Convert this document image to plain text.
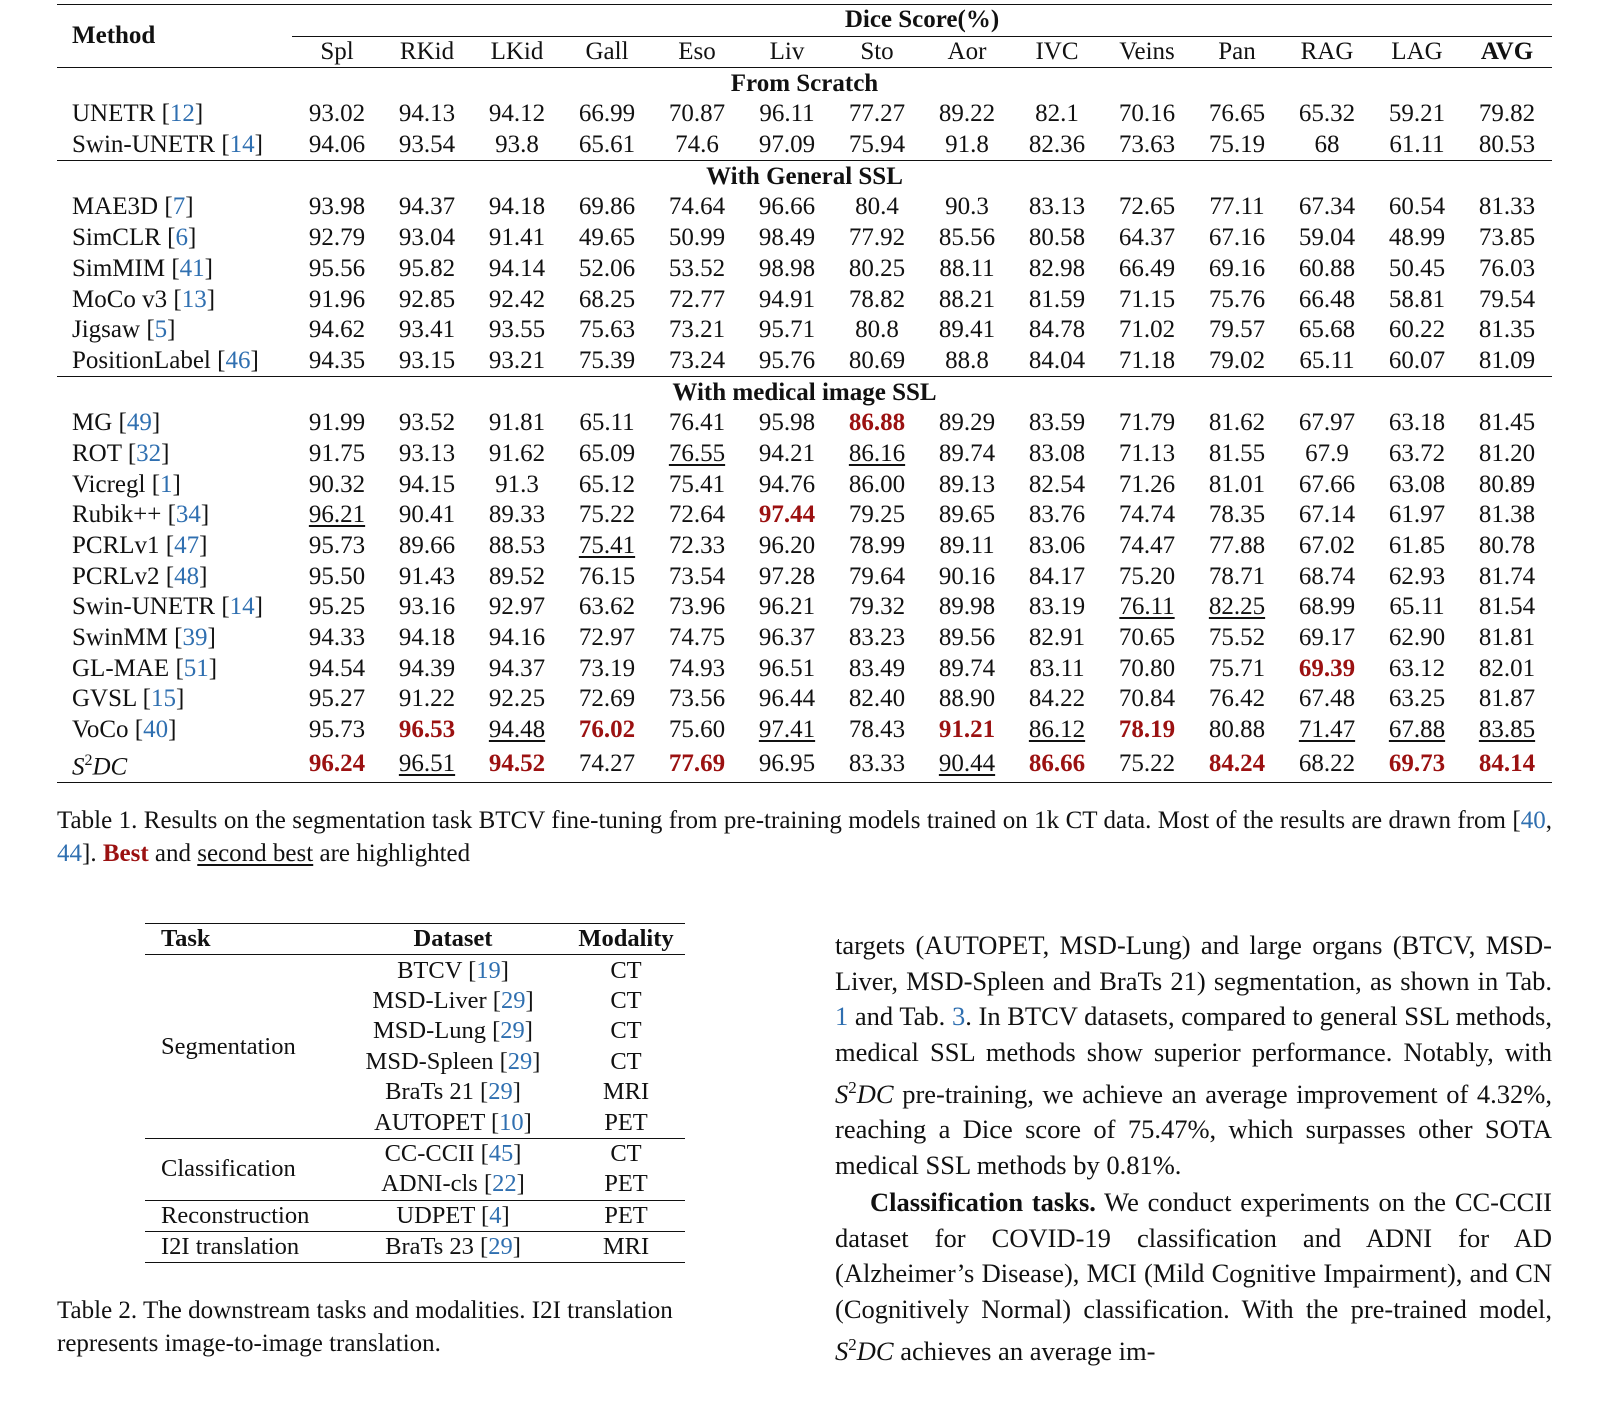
Method	Dice Score(%)													
	Spl	RKid	LKid	Gall	Eso	Liv	Sto	Aor	IVC	Veins	Pan	RAG	LAG	AVG
From Scratch														
UNETR [12]	93.02	94.13	94.12	66.99	70.87	96.11	77.27	89.22	82.1	70.16	76.65	65.32	59.21	79.82
Swin-UNETR [14]	94.06	93.54	93.8	65.61	74.6	97.09	75.94	91.8	82.36	73.63	75.19	68	61.11	80.53
With General SSL														
MAE3D [7]	93.98	94.37	94.18	69.86	74.64	96.66	80.4	90.3	83.13	72.65	77.11	67.34	60.54	81.33
SimCLR [6]	92.79	93.04	91.41	49.65	50.99	98.49	77.92	85.56	80.58	64.37	67.16	59.04	48.99	73.85
SimMIM [41]	95.56	95.82	94.14	52.06	53.52	98.98	80.25	88.11	82.98	66.49	69.16	60.88	50.45	76.03
MoCo v3 [13]	91.96	92.85	92.42	68.25	72.77	94.91	78.82	88.21	81.59	71.15	75.76	66.48	58.81	79.54
Jigsaw [5]	94.62	93.41	93.55	75.63	73.21	95.71	80.8	89.41	84.78	71.02	79.57	65.68	60.22	81.35
PositionLabel [46]	94.35	93.15	93.21	75.39	73.24	95.76	80.69	88.8	84.04	71.18	79.02	65.11	60.07	81.09
With medical image SSL														
MG [49]	91.99	93.52	91.81	65.11	76.41	95.98	86.88	89.29	83.59	71.79	81.62	67.97	63.18	81.45
ROT [32]	91.75	93.13	91.62	65.09	76.55	94.21	86.16	89.74	83.08	71.13	81.55	67.9	63.72	81.20
Vicregl [1]	90.32	94.15	91.3	65.12	75.41	94.76	86.00	89.13	82.54	71.26	81.01	67.66	63.08	80.89
Rubik++ [34]	96.21	90.41	89.33	75.22	72.64	97.44	79.25	89.65	83.76	74.74	78.35	67.14	61.97	81.38
PCRLv1 [47]	95.73	89.66	88.53	75.41	72.33	96.20	78.99	89.11	83.06	74.47	77.88	67.02	61.85	80.78
PCRLv2 [48]	95.50	91.43	89.52	76.15	73.54	97.28	79.64	90.16	84.17	75.20	78.71	68.74	62.93	81.74
Swin-UNETR [14]	95.25	93.16	92.97	63.62	73.96	96.21	79.32	89.98	83.19	76.11	82.25	68.99	65.11	81.54
SwinMM [39]	94.33	94.18	94.16	72.97	74.75	96.37	83.23	89.56	82.91	70.65	75.52	69.17	62.90	81.81
GL-MAE [51]	94.54	94.39	94.37	73.19	74.93	96.51	83.49	89.74	83.11	70.80	75.71	69.39	63.12	82.01
GVSL [15]	95.27	91.22	92.25	72.69	73.56	96.44	82.40	88.90	84.22	70.84	76.42	67.48	63.25	81.87
VoCo [40]	95.73	96.53	94.48	76.02	75.60	97.41	78.43	91.21	86.12	78.19	80.88	71.47	67.88	83.85
$S^2DC$	96.24	96.51	94.52	74.27	77.69	96.95	83.33	90.44	86.66	75.22	84.24	68.22	69.73	84.14
Table 1. Results on the segmentation task BTCV fine-tuning from pre-training models trained on 1k CT data. Most of the results are drawn from [40, 44]. Best and second best are highlighted
Task	Dataset	Modality
Segmentation	BTCV [19]	CT
	MSD-Liver [29]	CT
	MSD-Lung [29]	CT
	MSD-Spleen [29]	CT
	BraTs 21 [29]	MRI
	AUTOPET [10]	PET
Classification	CC-CCII [45]	CT
	ADNI-cls [22]	PET
Reconstruction	UDPET [4]	PET
I2I translation	BraTs 23 [29]	MRI
Table 2. The downstream tasks and modalities. I2I translation represents image-to-image translation.

targets (AUTOPET, MSD-Lung) and large organs (BTCV, MSD-Liver, MSD-Spleen and BraTs 21) segmentation, as shown in Tab. 1 and Tab. 3. In BTCV datasets, compared to general SSL methods, medical SSL methods show superior performance. Notably, with $S^2DC$ pre-training, we achieve an average improvement of 4.32%, reaching a Dice score of 75.47%, which surpasses other SOTA medical SSL methods by 0.81%.

Classification tasks. We conduct experiments on the CC-CCII dataset for COVID-19 classification and ADNI for AD (Alzheimer’s Disease), MCI (Mild Cognitive Impairment), and CN (Cognitively Normal) classification. With the pre-trained model, $S^2DC$ achieves an average im-
